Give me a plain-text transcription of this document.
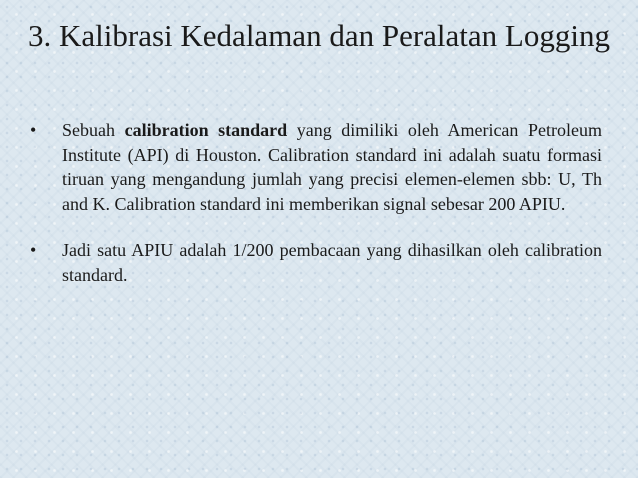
3. Kalibrasi Kedalaman dan Peralatan Logging
• Sebuah calibration standard yang dimiliki oleh American Petroleum Institute (API) di Houston. Calibration standard ini adalah suatu formasi tiruan yang mengandung jumlah yang precisi elemen-elemen sbb: U, Th and K. Calibration standard ini memberikan signal sebesar 200 APIU.
• Jadi satu APIU adalah 1/200 pembacaan yang dihasilkan oleh calibration standard.
